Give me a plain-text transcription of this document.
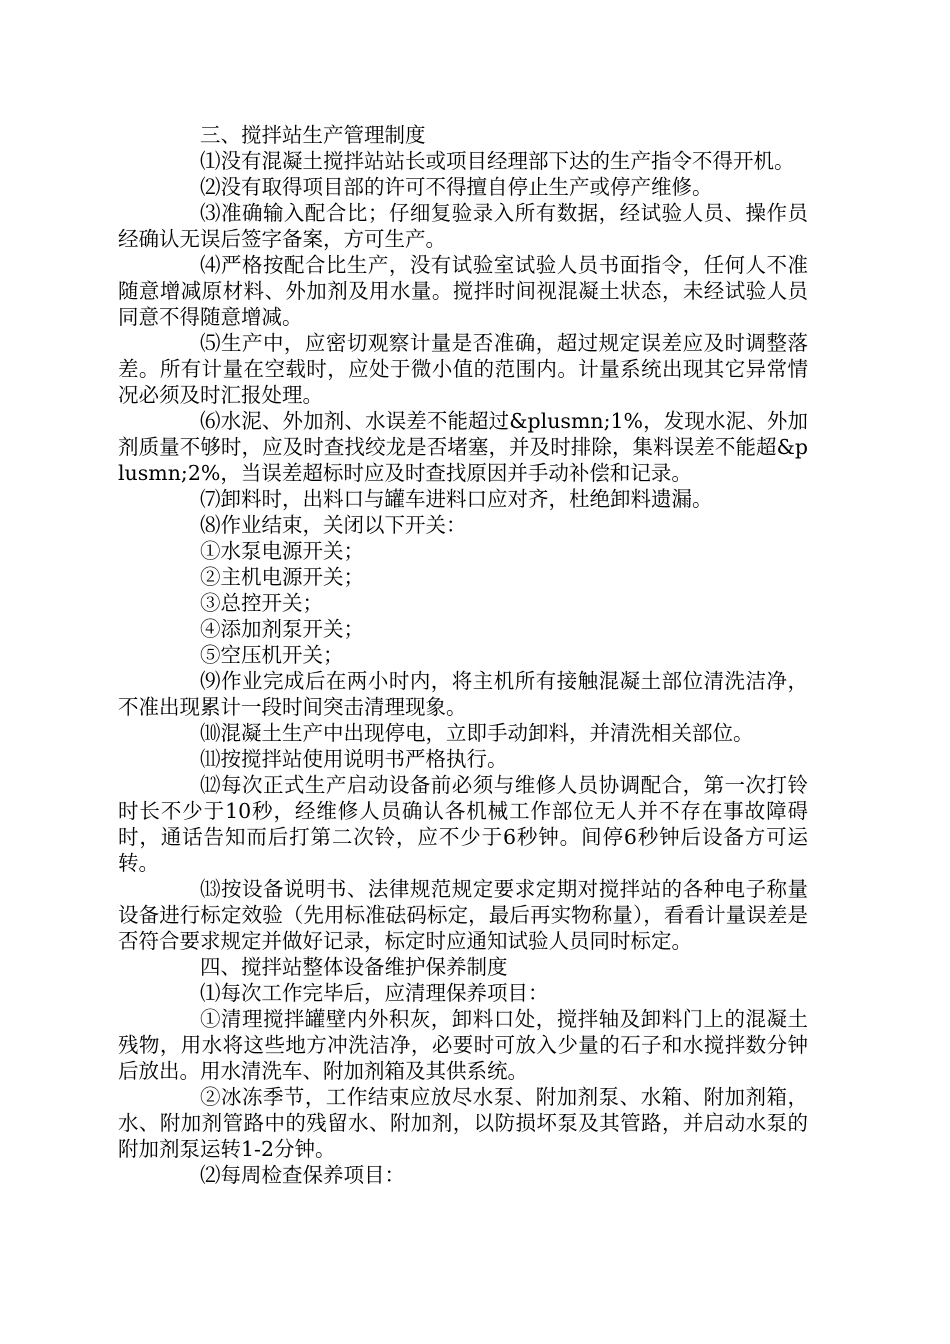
三、搅拌站生产管理制度

⑴没有混凝土搅拌站站长或项目经理部下达的生产指令不得开机。

⑵没有取得项目部的许可不得擅自停止生产或停产维修。

⑶准确输入配合比；仔细复验录入所有数据，经试验人员、操作员经确认无误后签字备案，方可生产。

⑷严格按配合比生产，没有试验室试验人员书面指令，任何人不准随意增减原材料、外加剂及用水量。搅拌时间视混凝土状态，未经试验人员同意不得随意增减。

⑸生产中，应密切观察计量是否准确，超过规定误差应及时调整落差。所有计量在空载时，应处于微小值的范围内。计量系统出现其它异常情况必须及时汇报处理。

⑹水泥、外加剂、水误差不能超过&plusmn;1%，发现水泥、外加剂质量不够时，应及时查找绞龙是否堵塞，并及时排除，集料误差不能超&plusmn;2%，当误差超标时应及时查找原因并手动补偿和记录。

⑺卸料时，出料口与罐车进料口应对齐，杜绝卸料遗漏。

⑻作业结束，关闭以下开关：

①水泵电源开关；

②主机电源开关；

③总控开关；

④添加剂泵开关；

⑤空压机开关；

⑼作业完成后在两小时内，将主机所有接触混凝土部位清洗洁净，不准出现累计一段时间突击清理现象。

⑽混凝土生产中出现停电，立即手动卸料，并清洗相关部位。

⑾按搅拌站使用说明书严格执行。

⑿每次正式生产启动设备前必须与维修人员协调配合，第一次打铃时长不少于10秒，经维修人员确认各机械工作部位无人并不存在事故障碍时，通话告知而后打第二次铃，应不少于6秒钟。间停6秒钟后设备方可运转。

⒀按设备说明书、法律规范规定要求定期对搅拌站的各种电子称量设备进行标定效验（先用标准砝码标定，最后再实物称量），看看计量误差是否符合要求规定并做好记录，标定时应通知试验人员同时标定。

四、搅拌站整体设备维护保养制度

⑴每次工作完毕后，应清理保养项目：

①清理搅拌罐壁内外积灰，卸料口处，搅拌轴及卸料门上的混凝土残物，用水将这些地方冲洗洁净，必要时可放入少量的石子和水搅拌数分钟后放出。用水清洗车、附加剂箱及其供系统。

②冰冻季节，工作结束应放尽水泵、附加剂泵、水箱、附加剂箱，水、附加剂管路中的残留水、附加剂，以防损坏泵及其管路，并启动水泵的附加剂泵运转1-2分钟。

⑵每周检查保养项目：
